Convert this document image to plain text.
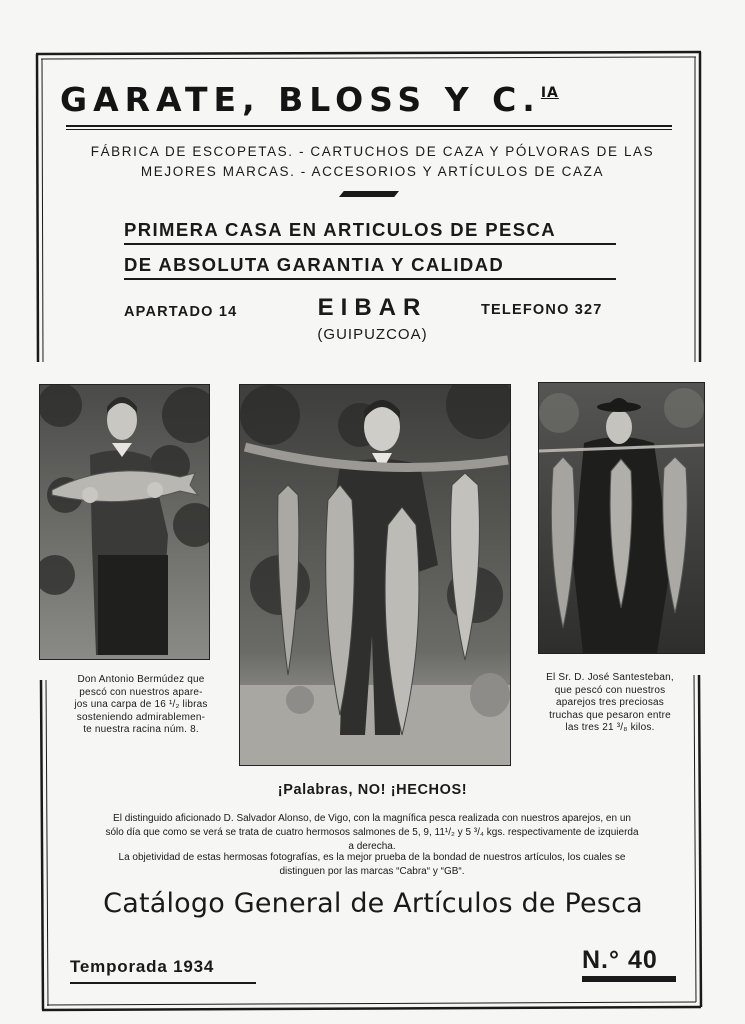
GARATE, BLOSS Y C.$^{IA}$
FÁBRICA DE ESCOPETAS. - CARTUCHOS DE CAZA Y PÓLVORAS DE LAS
MEJORES MARCAS. - ACCESORIOS Y ARTÍCULOS DE CAZA
PRIMERA CASA EN ARTICULOS DE PESCA
DE ABSOLUTA GARANTIA Y CALIDAD
APARTADO 14	EIBAR
(GUIPUZCOA)
TELEFONO 327
Don Antonio Bermúdez que
pescó con nuestros apare-
jos una carpa de 16 ¹/₂ libras
sosteniendo admirablemen-
te nuestra racina núm. 8.
El Sr. D. José Santesteban,
que pescó con nuestros
aparejos tres preciosas
truchas que pesaron entre
las tres 21 ³/₈ kilos.
¡Palabras, NO! ¡HECHOS!
El distinguido aficionado D. Salvador Alonso, de Vigo, con la magnífica pesca realizada con nuestros aparejos, en un
sólo día que como se verá se trata de cuatro hermosos salmones de 5, 9, 11¹/₂ y 5 ³/₄ kgs. respectivamente de izquierda
a derecha.
La objetividad de estas hermosas fotografías, es la mejor prueba de la bondad de nuestros artículos, los cuales se
distinguen por las marcas “Cabra“ y “GB“.
Catálogo General de Artículos de Pesca
Temporada 1934	N.° 40
